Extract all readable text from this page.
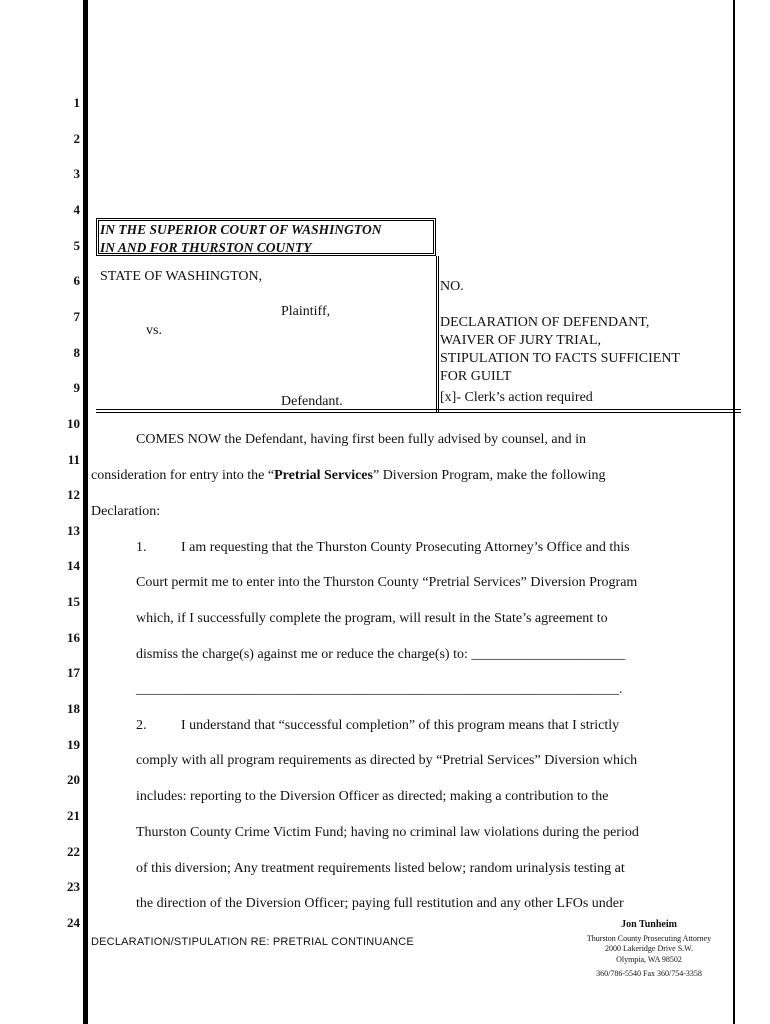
1
2
3
4
5
6
7
8
9
10
11
12
13
14
15
16
17
18
19
20
21
22
23
24
IN THE SUPERIOR COURT OF WASHINGTON
IN AND FOR THURSTON COUNTY
STATE OF WASHINGTON,
Plaintiff,
vs.
Defendant.
NO.
DECLARATION OF DEFENDANT,
WAIVER OF JURY TRIAL,
STIPULATION TO FACTS SUFFICIENT
FOR GUILT
[x]- Clerk’s action required
COMES NOW the Defendant, having first been fully advised by counsel, and in
consideration for entry into the “Pretrial Services” Diversion Program, make the following
Declaration:
1. I am requesting that the Thurston County Prosecuting Attorney’s Office and this
Court permit me to enter into the Thurston County “Pretrial Services” Diversion Program
which, if I successfully complete the program, will result in the State’s agreement to
dismiss the charge(s) against me or reduce the charge(s) to: ______________________
_____________________________________________________________________.
2. I understand that “successful completion” of this program means that I strictly
comply with all program requirements as directed by “Pretrial Services” Diversion which
includes: reporting to the Diversion Officer as directed; making a contribution to the
Thurston County Crime Victim Fund; having no criminal law violations during the period
of this diversion; Any treatment requirements listed below; random urinalysis testing at
the direction of the Diversion Officer; paying full restitution and any other LFOs under
DECLARATION/STIPULATION RE: PRETRIAL CONTINUANCE
Jon Tunheim
Thurston County Prosecuting Attorney
2000 Lakeridge Drive S.W.
Olympia, WA 98502
360/786-5540 Fax 360/754-3358
